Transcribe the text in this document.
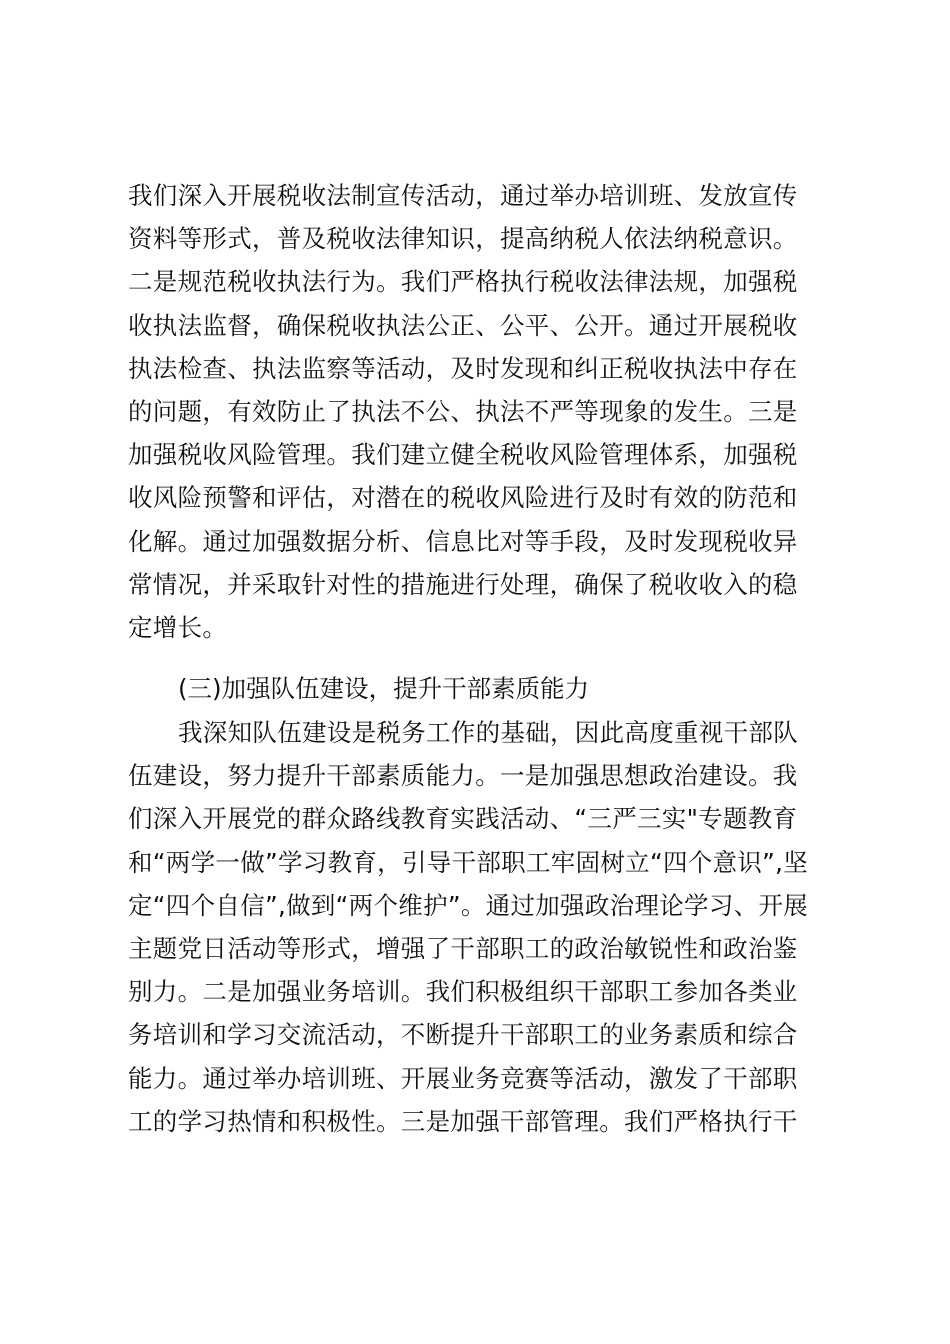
我们深入开展税收法制宣传活动，通过举办培训班、发放宣传
资料等形式，普及税收法律知识，提高纳税人依法纳税意识。
二是规范税收执法行为。我们严格执行税收法律法规，加强税
收执法监督，确保税收执法公正、公平、公开。通过开展税收
执法检查、执法监察等活动，及时发现和纠正税收执法中存在
的问题，有效防止了执法不公、执法不严等现象的发生。三是
加强税收风险管理。我们建立健全税收风险管理体系，加强税
收风险预警和评估，对潜在的税收风险进行及时有效的防范和
化解。通过加强数据分析、信息比对等手段，及时发现税收异
常情况，并采取针对性的措施进行处理，确保了税收收入的稳
定增长。
(三)加强队伍建设，提升干部素质能力
我深知队伍建设是税务工作的基础，因此高度重视干部队
伍建设，努力提升干部素质能力。一是加强思想政治建设。我
们深入开展党的群众路线教育实践活动、“三严三实"专题教育
和“两学一做”学习教育，引导干部职工牢固树立“四个意识”,坚
定“四个自信”,做到“两个维护”。通过加强政治理论学习、开展
主题党日活动等形式，增强了干部职工的政治敏锐性和政治鉴
别力。二是加强业务培训。我们积极组织干部职工参加各类业
务培训和学习交流活动，不断提升干部职工的业务素质和综合
能力。通过举办培训班、开展业务竞赛等活动，激发了干部职
工的学习热情和积极性。三是加强干部管理。我们严格执行干
